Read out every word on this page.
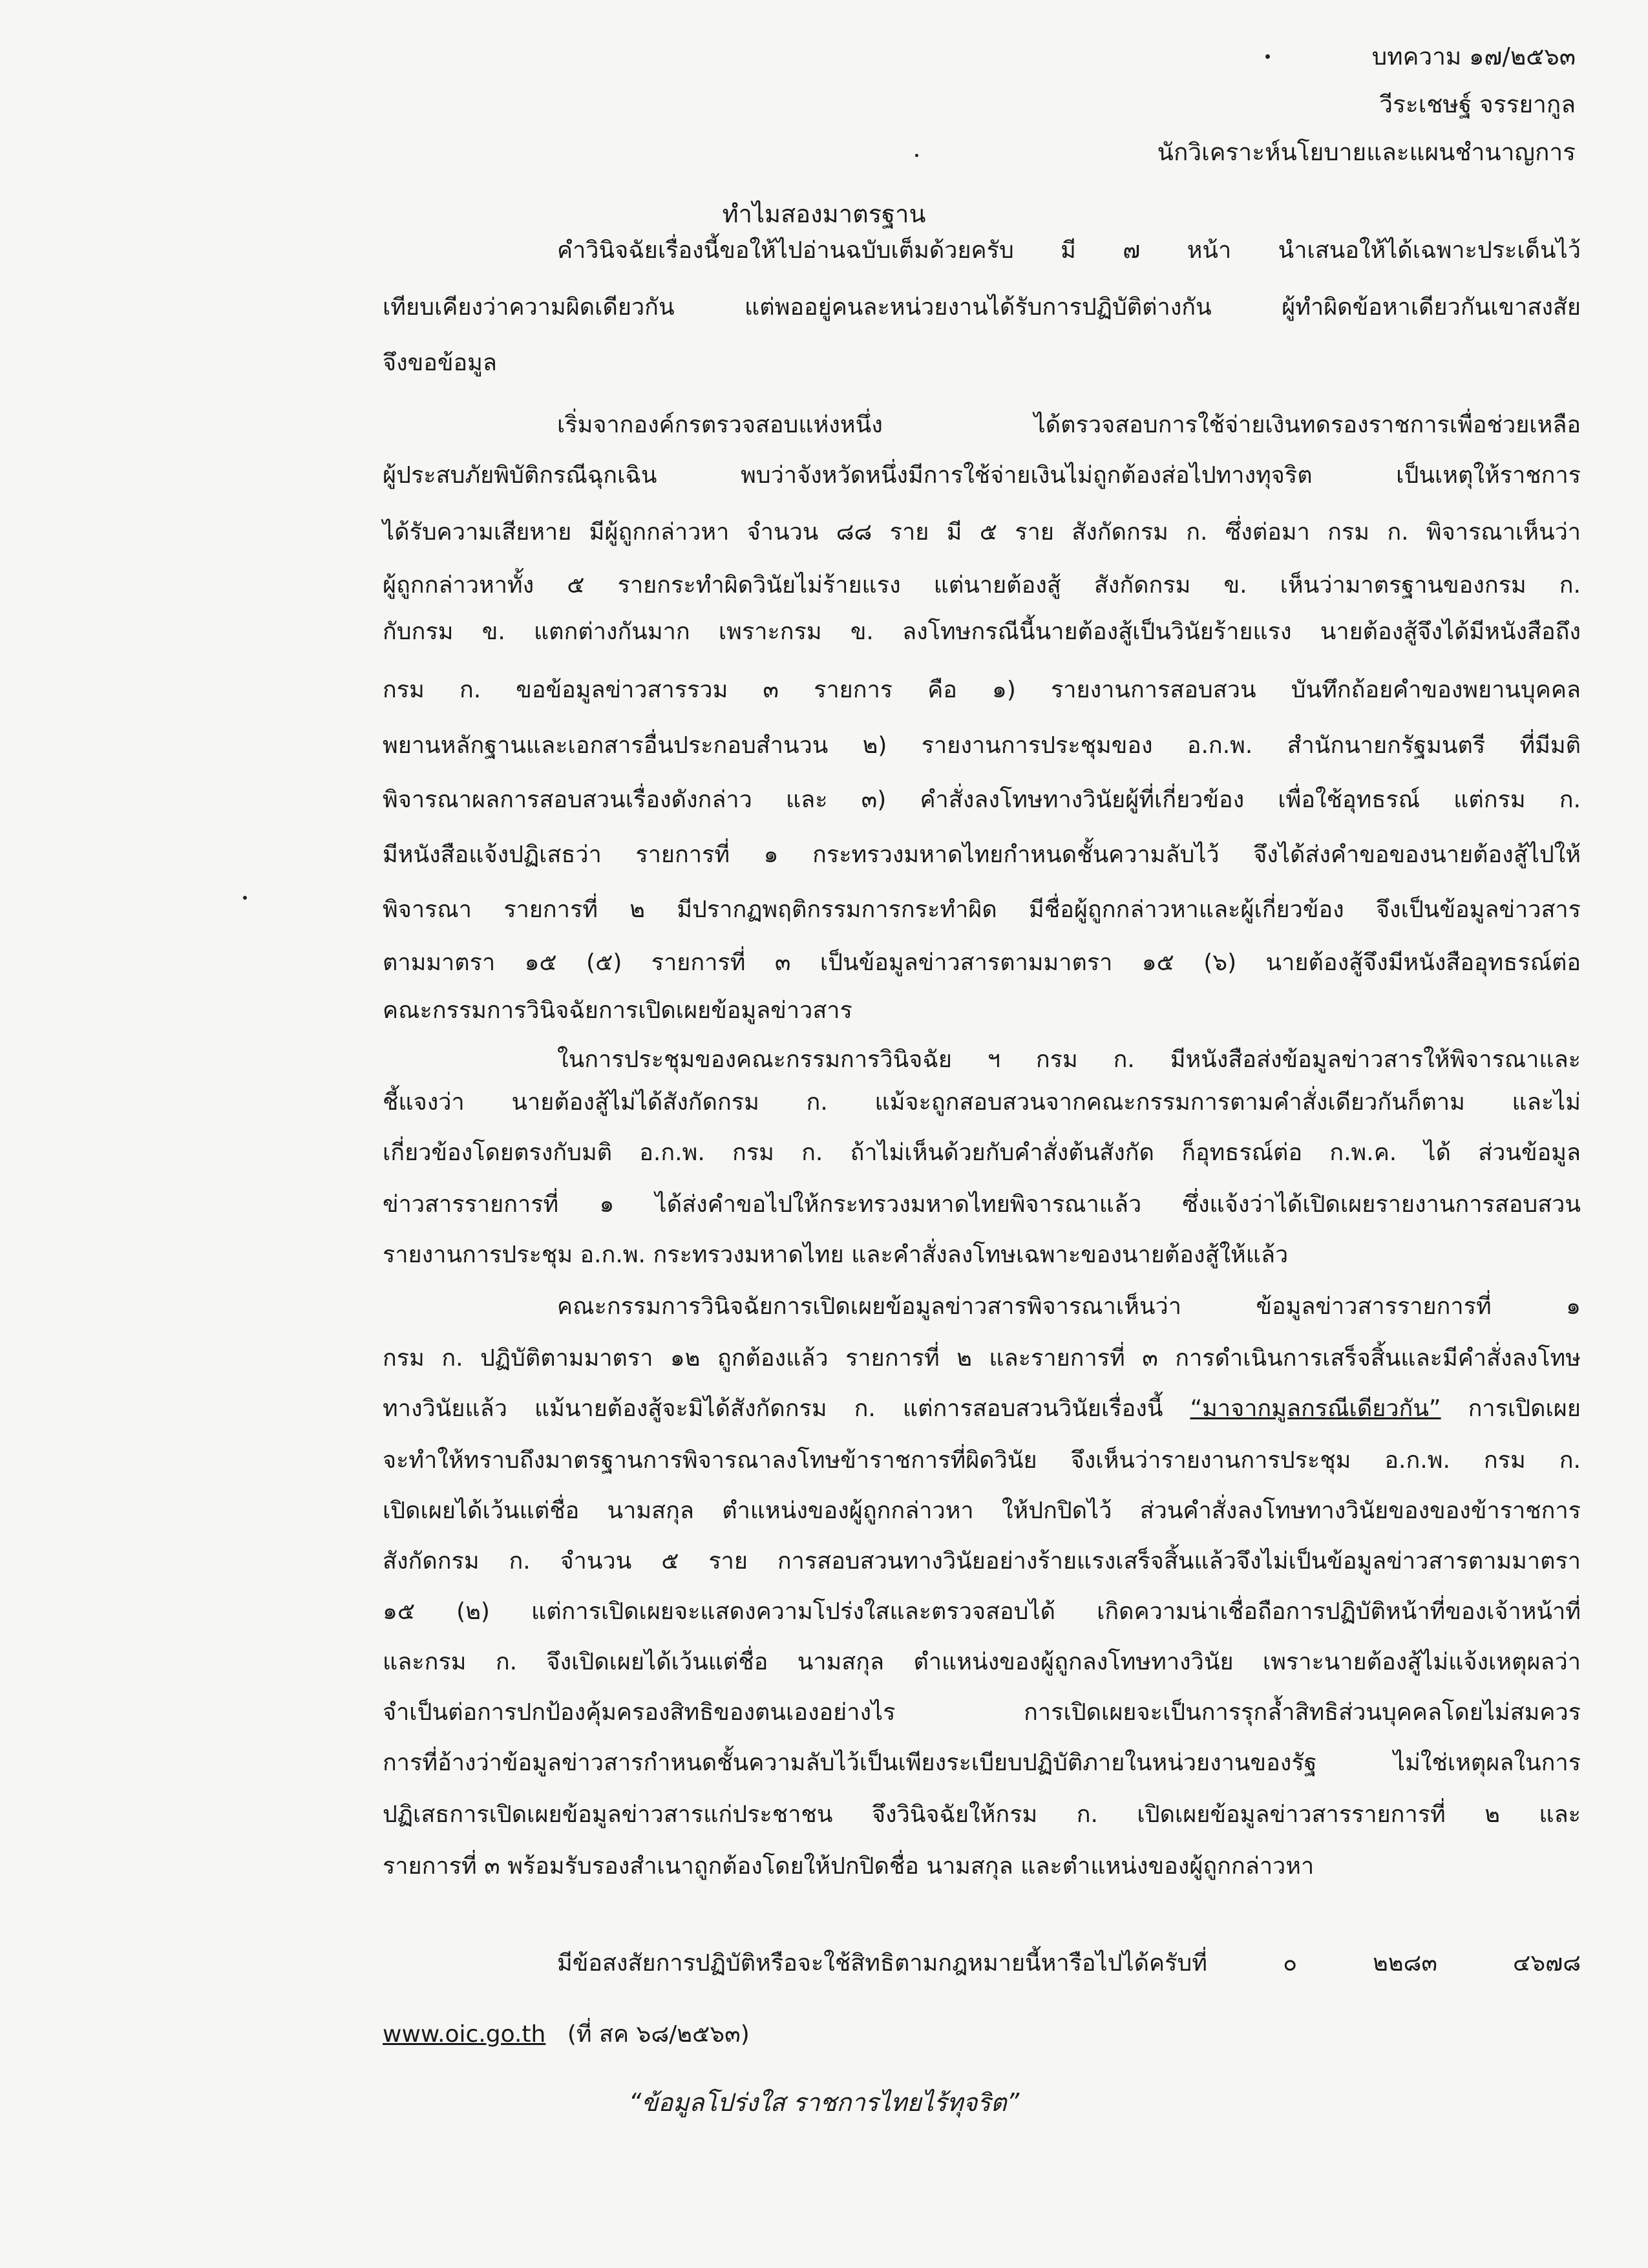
บทความ ๑๗/๒๕๖๓
วีระเชษฐ์ จรรยากูล
นักวิเคราะห์นโยบายและแผนชำนาญการ
ทำไมสองมาตรฐาน
คำวินิจฉัยเรื่องนี้ขอให้ไปอ่านฉบับเต็มด้วยครับ มี ๗ หน้า นำเสนอให้ได้เฉพาะประเด็นไว้
เทียบเคียงว่าความผิดเดียวกัน แต่พออยู่คนละหน่วยงานได้รับการปฏิบัติต่างกัน ผู้ทำผิดข้อหาเดียวกันเขาสงสัย
จึงขอข้อมูล
เริ่มจากองค์กรตรวจสอบแห่งหนึ่ง ได้ตรวจสอบการใช้จ่ายเงินทดรองราชการเพื่อช่วยเหลือ
ผู้ประสบภัยพิบัติกรณีฉุกเฉิน พบว่าจังหวัดหนึ่งมีการใช้จ่ายเงินไม่ถูกต้องส่อไปทางทุจริต เป็นเหตุให้ราชการ
ได้รับความเสียหาย มีผู้ถูกกล่าวหา จำนวน ๘๘ ราย มี ๕ ราย สังกัดกรม ก. ซึ่งต่อมา กรม ก. พิจารณาเห็นว่า
ผู้ถูกกล่าวหาทั้ง ๕ รายกระทำผิดวินัยไม่ร้ายแรง แต่นายต้องสู้ สังกัดกรม ข. เห็นว่ามาตรฐานของกรม ก.
กับกรม ข. แตกต่างกันมาก เพราะกรม ข. ลงโทษกรณีนี้นายต้องสู้เป็นวินัยร้ายแรง นายต้องสู้จึงได้มีหนังสือถึง
กรม ก. ขอข้อมูลข่าวสารรวม ๓ รายการ คือ ๑) รายงานการสอบสวน บันทึกถ้อยคำของพยานบุคคล
พยานหลักฐานและเอกสารอื่นประกอบสำนวน ๒) รายงานการประชุมของ อ.ก.พ. สำนักนายกรัฐมนตรี ที่มีมติ
พิจารณาผลการสอบสวนเรื่องดังกล่าว และ ๓) คำสั่งลงโทษทางวินัยผู้ที่เกี่ยวข้อง เพื่อใช้อุทธรณ์ แต่กรม ก.
มีหนังสือแจ้งปฏิเสธว่า รายการที่ ๑ กระทรวงมหาดไทยกำหนดชั้นความลับไว้ จึงได้ส่งคำขอของนายต้องสู้ไปให้
พิจารณา รายการที่ ๒ มีปรากฏพฤติกรรมการกระทำผิด มีชื่อผู้ถูกกล่าวหาและผู้เกี่ยวข้อง จึงเป็นข้อมูลข่าวสาร
ตามมาตรา ๑๕ (๕) รายการที่ ๓ เป็นข้อมูลข่าวสารตามมาตรา ๑๕ (๖) นายต้องสู้จึงมีหนังสืออุทธรณ์ต่อ
คณะกรรมการวินิจฉัยการเปิดเผยข้อมูลข่าวสาร
ในการประชุมของคณะกรรมการวินิจฉัย ฯ กรม ก. มีหนังสือส่งข้อมูลข่าวสารให้พิจารณาและ
ชี้แจงว่า นายต้องสู้ไม่ได้สังกัดกรม ก. แม้จะถูกสอบสวนจากคณะกรรมการตามคำสั่งเดียวกันก็ตาม และไม่
เกี่ยวข้องโดยตรงกับมติ อ.ก.พ. กรม ก. ถ้าไม่เห็นด้วยกับคำสั่งต้นสังกัด ก็อุทธรณ์ต่อ ก.พ.ค. ได้ ส่วนข้อมูล
ข่าวสารรายการที่ ๑ ได้ส่งคำขอไปให้กระทรวงมหาดไทยพิจารณาแล้ว ซึ่งแจ้งว่าได้เปิดเผยรายงานการสอบสวน
รายงานการประชุม อ.ก.พ. กระทรวงมหาดไทย และคำสั่งลงโทษเฉพาะของนายต้องสู้ให้แล้ว
คณะกรรมการวินิจฉัยการเปิดเผยข้อมูลข่าวสารพิจารณาเห็นว่า ข้อมูลข่าวสารรายการที่ ๑
กรม ก. ปฏิบัติตามมาตรา ๑๒ ถูกต้องแล้ว รายการที่ ๒ และรายการที่ ๓ การดำเนินการเสร็จสิ้นและมีคำสั่งลงโทษ
ทางวินัยแล้ว แม้นายต้องสู้จะมิได้สังกัดกรม ก. แต่การสอบสวนวินัยเรื่องนี้ “มาจากมูลกรณีเดียวกัน” การเปิดเผย
จะทำให้ทราบถึงมาตรฐานการพิจารณาลงโทษข้าราชการที่ผิดวินัย จึงเห็นว่ารายงานการประชุม อ.ก.พ. กรม ก.
เปิดเผยได้เว้นแต่ชื่อ นามสกุล ตำแหน่งของผู้ถูกกล่าวหา ให้ปกปิดไว้ ส่วนคำสั่งลงโทษทางวินัยของของข้าราชการ
สังกัดกรม ก. จำนวน ๕ ราย การสอบสวนทางวินัยอย่างร้ายแรงเสร็จสิ้นแล้วจึงไม่เป็นข้อมูลข่าวสารตามมาตรา
๑๕ (๒) แต่การเปิดเผยจะแสดงความโปร่งใสและตรวจสอบได้ เกิดความน่าเชื่อถือการปฏิบัติหน้าที่ของเจ้าหน้าที่
และกรม ก. จึงเปิดเผยได้เว้นแต่ชื่อ นามสกุล ตำแหน่งของผู้ถูกลงโทษทางวินัย เพราะนายต้องสู้ไม่แจ้งเหตุผลว่า
จำเป็นต่อการปกป้องคุ้มครองสิทธิของตนเองอย่างไร การเปิดเผยจะเป็นการรุกล้ำสิทธิส่วนบุคคลโดยไม่สมควร
การที่อ้างว่าข้อมูลข่าวสารกำหนดชั้นความลับไว้เป็นเพียงระเบียบปฏิบัติภายในหน่วยงานของรัฐ ไม่ใช่เหตุผลในการ
ปฏิเสธการเปิดเผยข้อมูลข่าวสารแก่ประชาชน จึงวินิจฉัยให้กรม ก. เปิดเผยข้อมูลข่าวสารรายการที่ ๒ และ
รายการที่ ๓ พร้อมรับรองสำเนาถูกต้องโดยให้ปกปิดชื่อ นามสกุล และตำแหน่งของผู้ถูกกล่าวหา
มีข้อสงสัยการปฏิบัติหรือจะใช้สิทธิตามกฎหมายนี้หารือไปได้ครับที่ ๐ ๒๒๘๓ ๔๖๗๘
www.oic.go.th (ที่ สค ๖๘/๒๕๖๓)
“ข้อมูลโปร่งใส ราชการไทยไร้ทุจริต”
